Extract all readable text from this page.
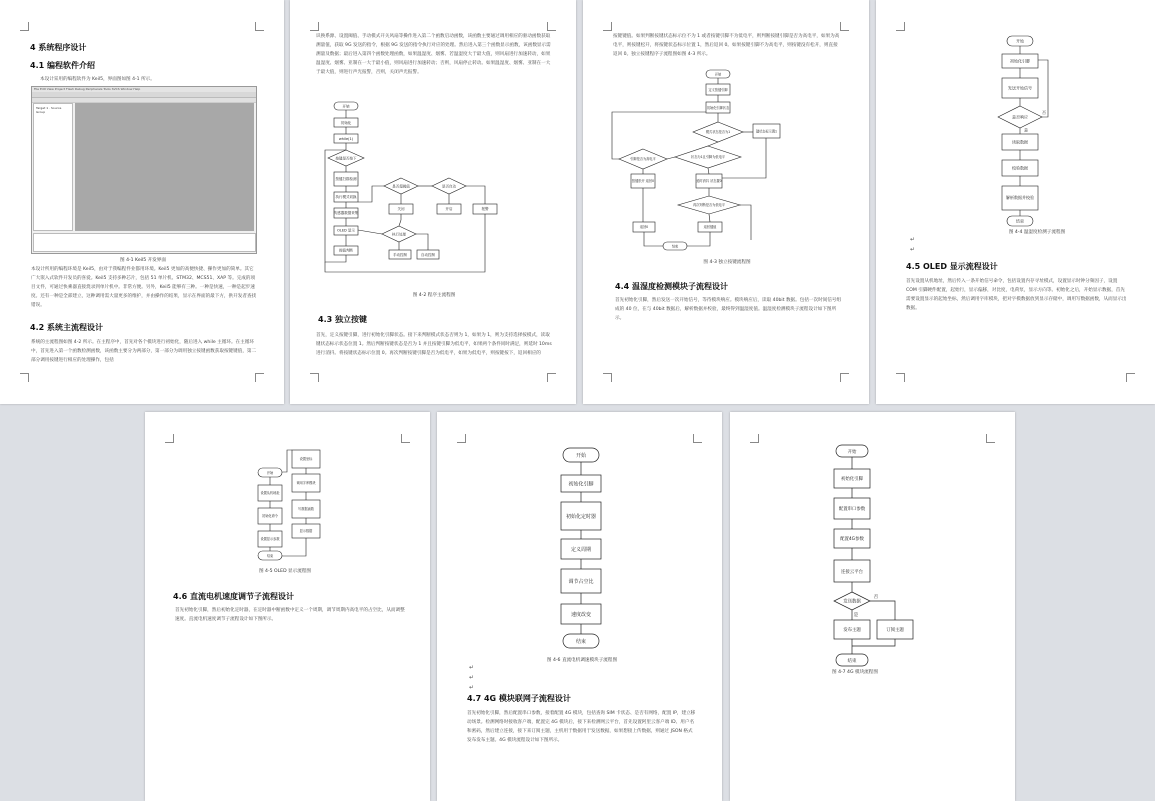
4 系统程序设计
4.1 编程软件介绍
本设计采用的编程软件为 Keil5，界面图如图 4-1 所示。
File Edit View Project Flash Debug Peripherals Tools SVCS Window Help
Target 1 · Source Group
图 4-1 Keil5 开发界面
本设计所用的编程环境是 Keil5，由对于我编程件业都用环境。Keil5 更加的高便快捷、操作更加的简单。其它广大嵌入式软件开发员的喜爱。Keil5 支持多种芯片，包括 51 单片机、STM32、MCS51、XAP 等。完成的项目文件，可通过快乘器直接烧录到单片机中。非常方便。另外，Keil5 能够有三种。一种是快速，一种是起步速度。还有一种是全部建立，这种调用需大量更多的维护，并由操作的结果，显示在界面的最下方，供开发者查找错误。
4.2 系统主流程设计
系统的主流程图如图 4-2 所示。在主程序中，首先对各个模块进行初始化，随后进入 while 主循环。在主循环中，首先进入第一个函数检测函数，该函数主要分为两部分，第一部分为调用独立按键函数获取按键键值，第二部分调用按键进行相应的处理操作，包括
识换系源、设置阈值、手动模式开关风扇等操作进入第二个函数启动函数，该函数主要通过调用相应的驱动函数获取测量值，获取 9G 发送的指令，根据 9G 发送的指令执行对应的处理。然后进入第三个函数显示函数，该函数显示需测量及数据；最后进入第四个函数处理函数，如果温湿度、烟雾、若温湿度大于最大值，则风扇进行加速转动，如果温湿度、烟雾、亚制在一大于最小值，则风扇进行加速转动；否则，风扇停止转动。如果温湿度、烟雾、亚制在一大于最大值，则进行声光报警，否则，关闭声光报警。
开始
初始化
while(1)
按键是否按下
按键扫描检测
执行模式切换
传感器数据采集
OLED 显示
阈值判断
是否超阈值	是否自动
关闭	开启	报警
执行处理
手动控制	自动控制
图 4-2 程序主流程图
4.3 独立按键
首先，定义按键引脚，进行初始化引脚状态。接下来判断模式状态否则为 1，如果为 1，则为支持选择按模式，读取键状态标示状态位置 1。然后判断按键状态是否为 1 并且按键引脚为低电平，如果两个条件同时满足，则延时 10ms 进行消抖。将按键状态标示位置 0。再次判断按键引脚是否为低电平，如果为低电平，则按键按下，返回相应的
按键键值。如果判断按键状态标示位不为 1 或者按键引脚不为低电平，则判断按键引脚是否为高电平，如果为高电平，则按键松开，将按键状态标示位置 1，然后返回 0。如果按键引脚不为高电平，则按键没有松开，则直接返回 0。独立按键程序子流程图如图 4-3 所示。
开始
定义按键引脚
初始化引脚状态
模式状态是否为1	键状态标示置1
状态为1且引脚为低电平
引脚是否为高电平
延时消抖 状态置0
按键松开 返回0
再次判断是否为低电平
返回0	返回键值
结束
图 4-3 独立按键流程图
4.4 温湿度检测模块子流程设计
首先初始化引脚，然后发送一次开始信号，等待模块响应。模块响应后，读取 40bit 数据。包括一次时间信号组成的 40 位，在与 40bit 数据后，解析数据并校验，最终得到温湿度值。温湿度检测模块子流程设计如下图所示。
开始
初始化引脚
发送开始信号
是否响应
是
否
读取数据
校验数据
解析数据并校验
结束
图 4-4 温湿度检测子流程图
↵
↵
4.5 OLED 显示流程设计
首先设置从机地址，然后传入一条开始信号命令，包括设置内存寻址模式，设置显示时钟分频因子，设置 COM 引脚硬件配置，起始行，显示偏移，对比度，电荷泵，显示方向等。初始化之后，开始显示数据，首先需要设置显示的起始坐标，然后调用字库模块，把对字模数据放到显示存储中，调用写数据函数，从而显示出数据。
开始
设置从机地址
初始化命令
设置显示参数
结束
设置坐标
调用字库模块
写数据函数
显示数据
图 4-5 OLED 显示流程图
4.6 直流电机速度调节子流程设计
首先初始化引脚，然后初始化定时器，在定时器中断函数中定义一个周期，调节周期内高电平的占空比，从而调整速度。直流电机速度调节子流程设计如下图所示。
开始
初始化引脚
初始化定时器
定义周期
调节占空比
速度改变
结束
图 4-6 直流电机调速模块子流程图
↵
↵
↵
4.7 4G 模块联网子流程设计
首先初始化引脚，然后配置串口参数，接着配置 4G 模块，包括查询 SIM 卡状态、是否有网络，配置 IP，建立移动场景。检测网络时接收客户端，配置完 4G 模块后，接下来检测网云平台，首先设置阿里云客户端 ID、用户名和密码，然后建立连接，接下来订阅主题，主机用于数据用于发送数据，如果想接上传数据，则通过 JSON 格式发布发布主题。4G 模块流程设计如下图所示。
开始
初始化引脚
配置串口参数
配置4G参数
连接云平台
发送数据
是
否
发布主题	订阅主题
结束
图 4-7 4G 模块流程图
